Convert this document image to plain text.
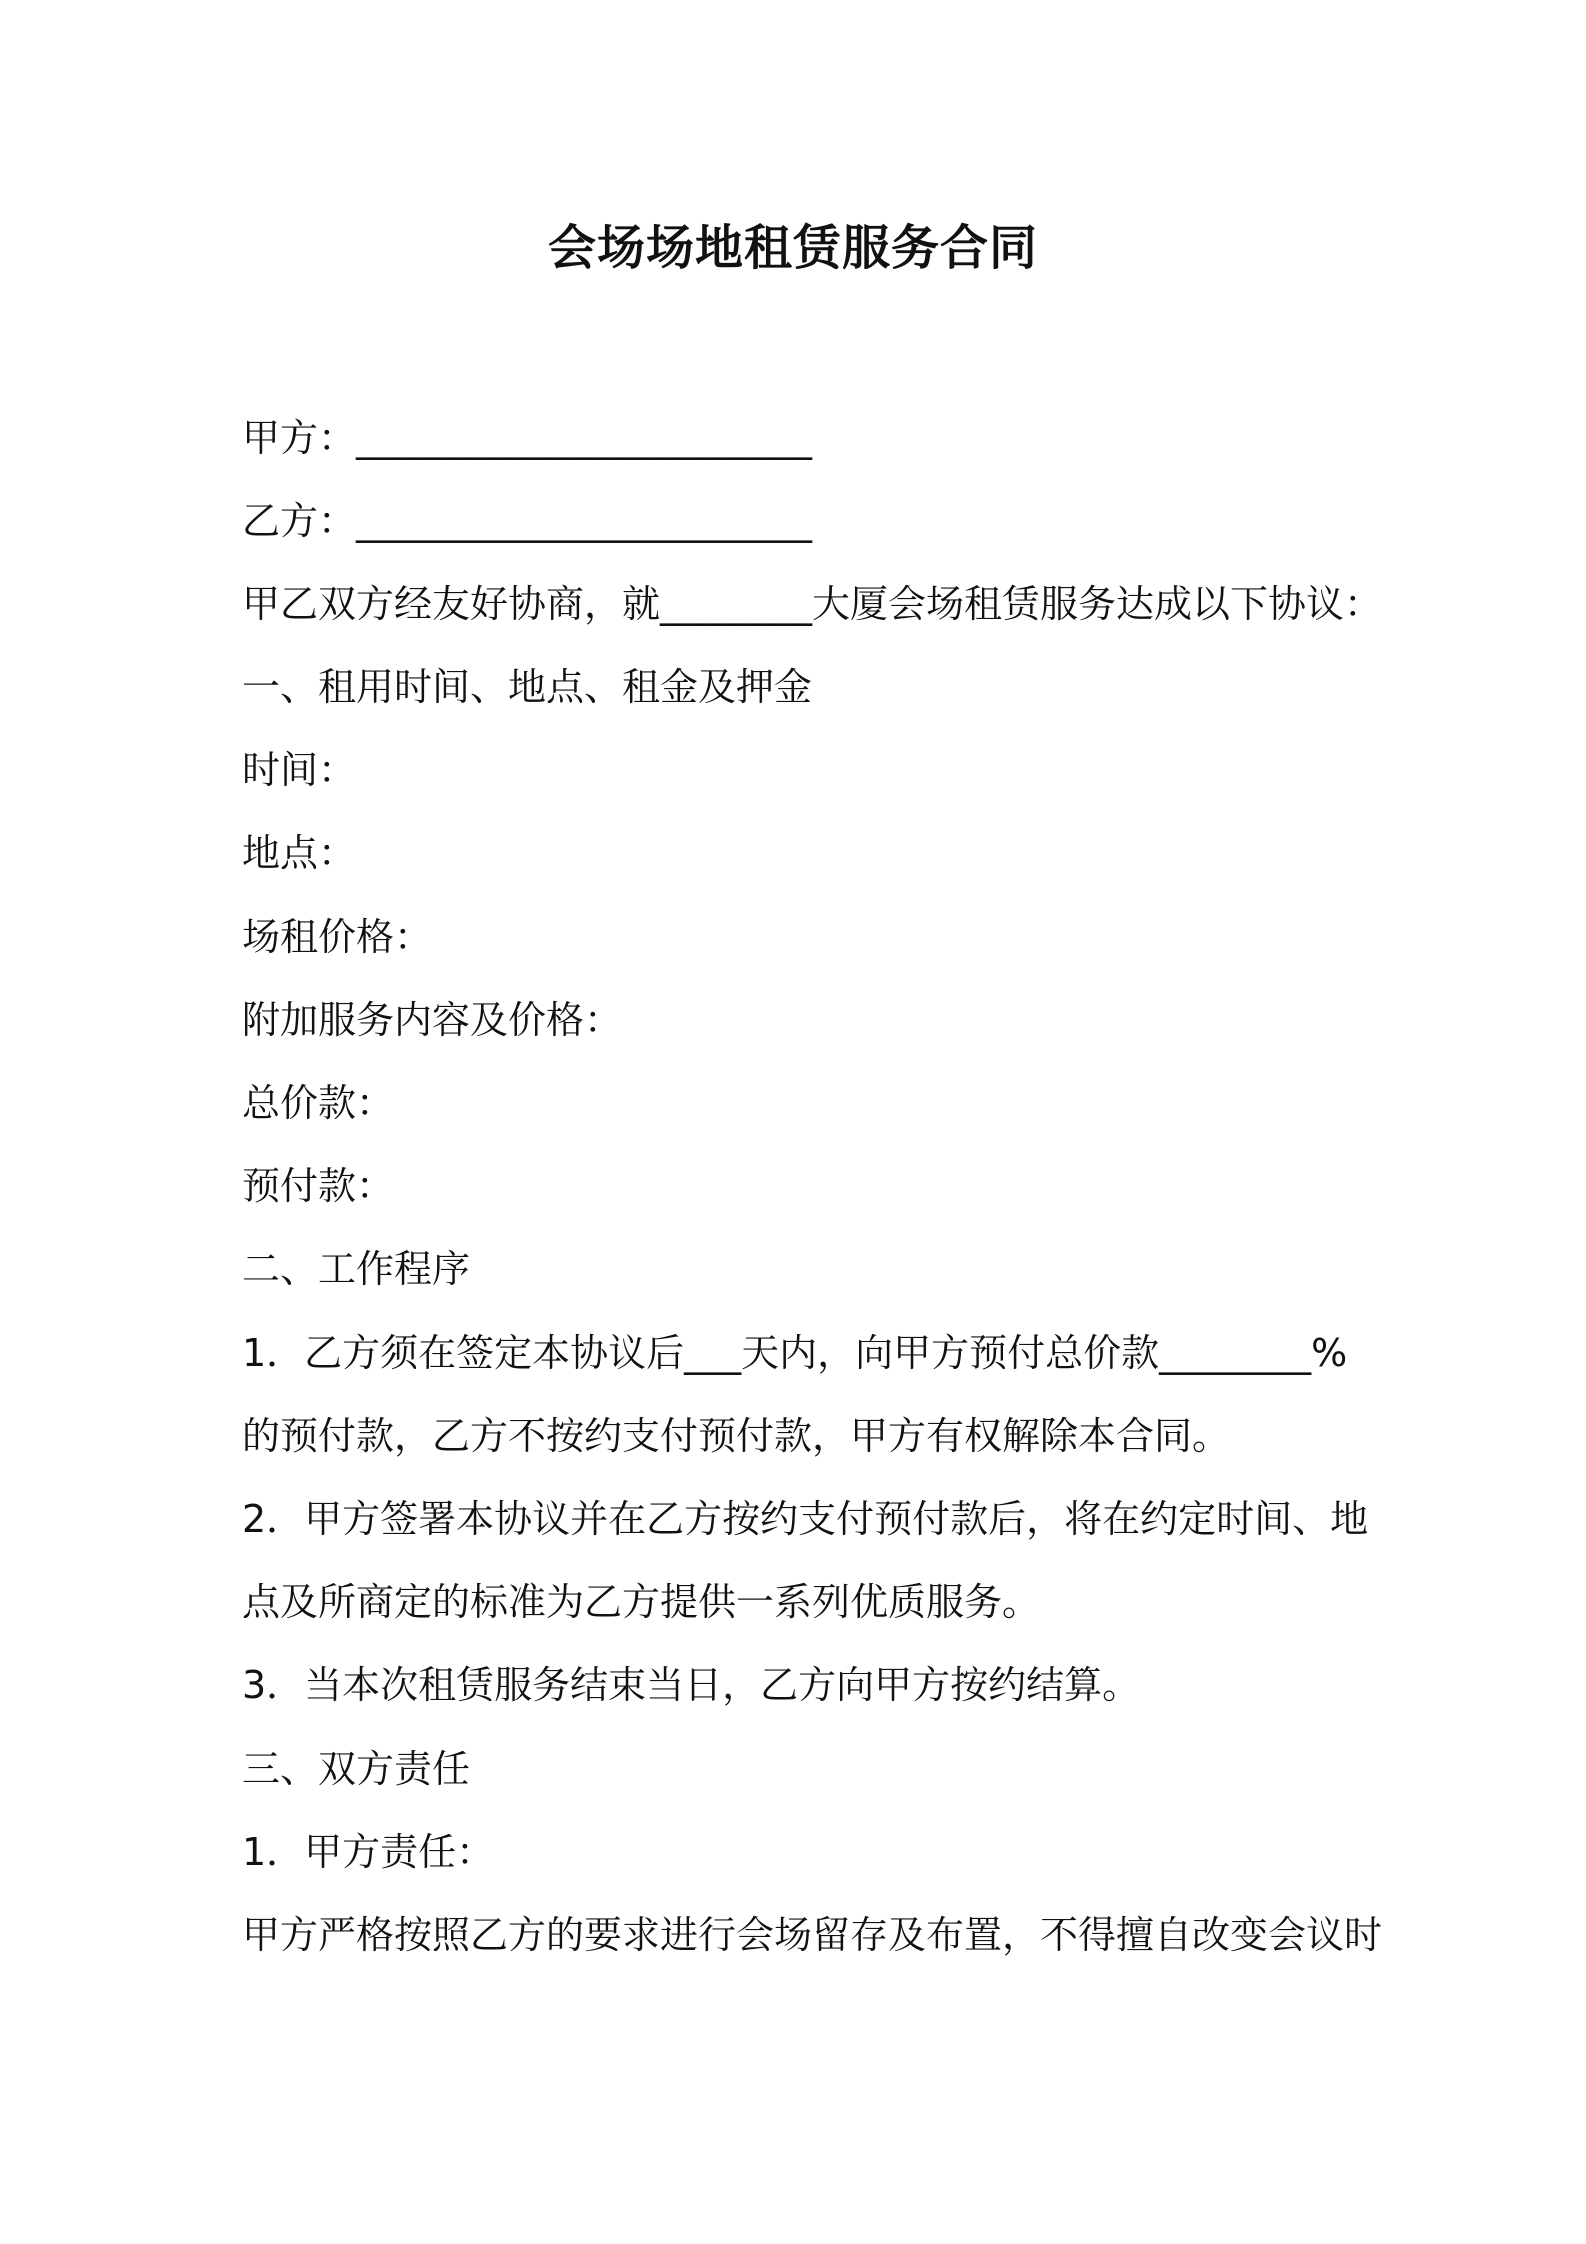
会场场地租赁服务合同

甲方：________________________

乙方：________________________

甲乙双方经友好协商，就________大厦会场租赁服务达成以下协议：

一、租用时间、地点、租金及押金

时间：

地点：

场租价格：

附加服务内容及价格：

总价款：

预付款：

二、工作程序

1．乙方须在签定本协议后___天内，向甲方预付总价款________%

的预付款，乙方不按约支付预付款，甲方有权解除本合同。

2．甲方签署本协议并在乙方按约支付预付款后，将在约定时间、地

点及所商定的标准为乙方提供一系列优质服务。

3．当本次租赁服务结束当日，乙方向甲方按约结算。

三、双方责任

1．甲方责任：

甲方严格按照乙方的要求进行会场留存及布置，不得擅自改变会议时
